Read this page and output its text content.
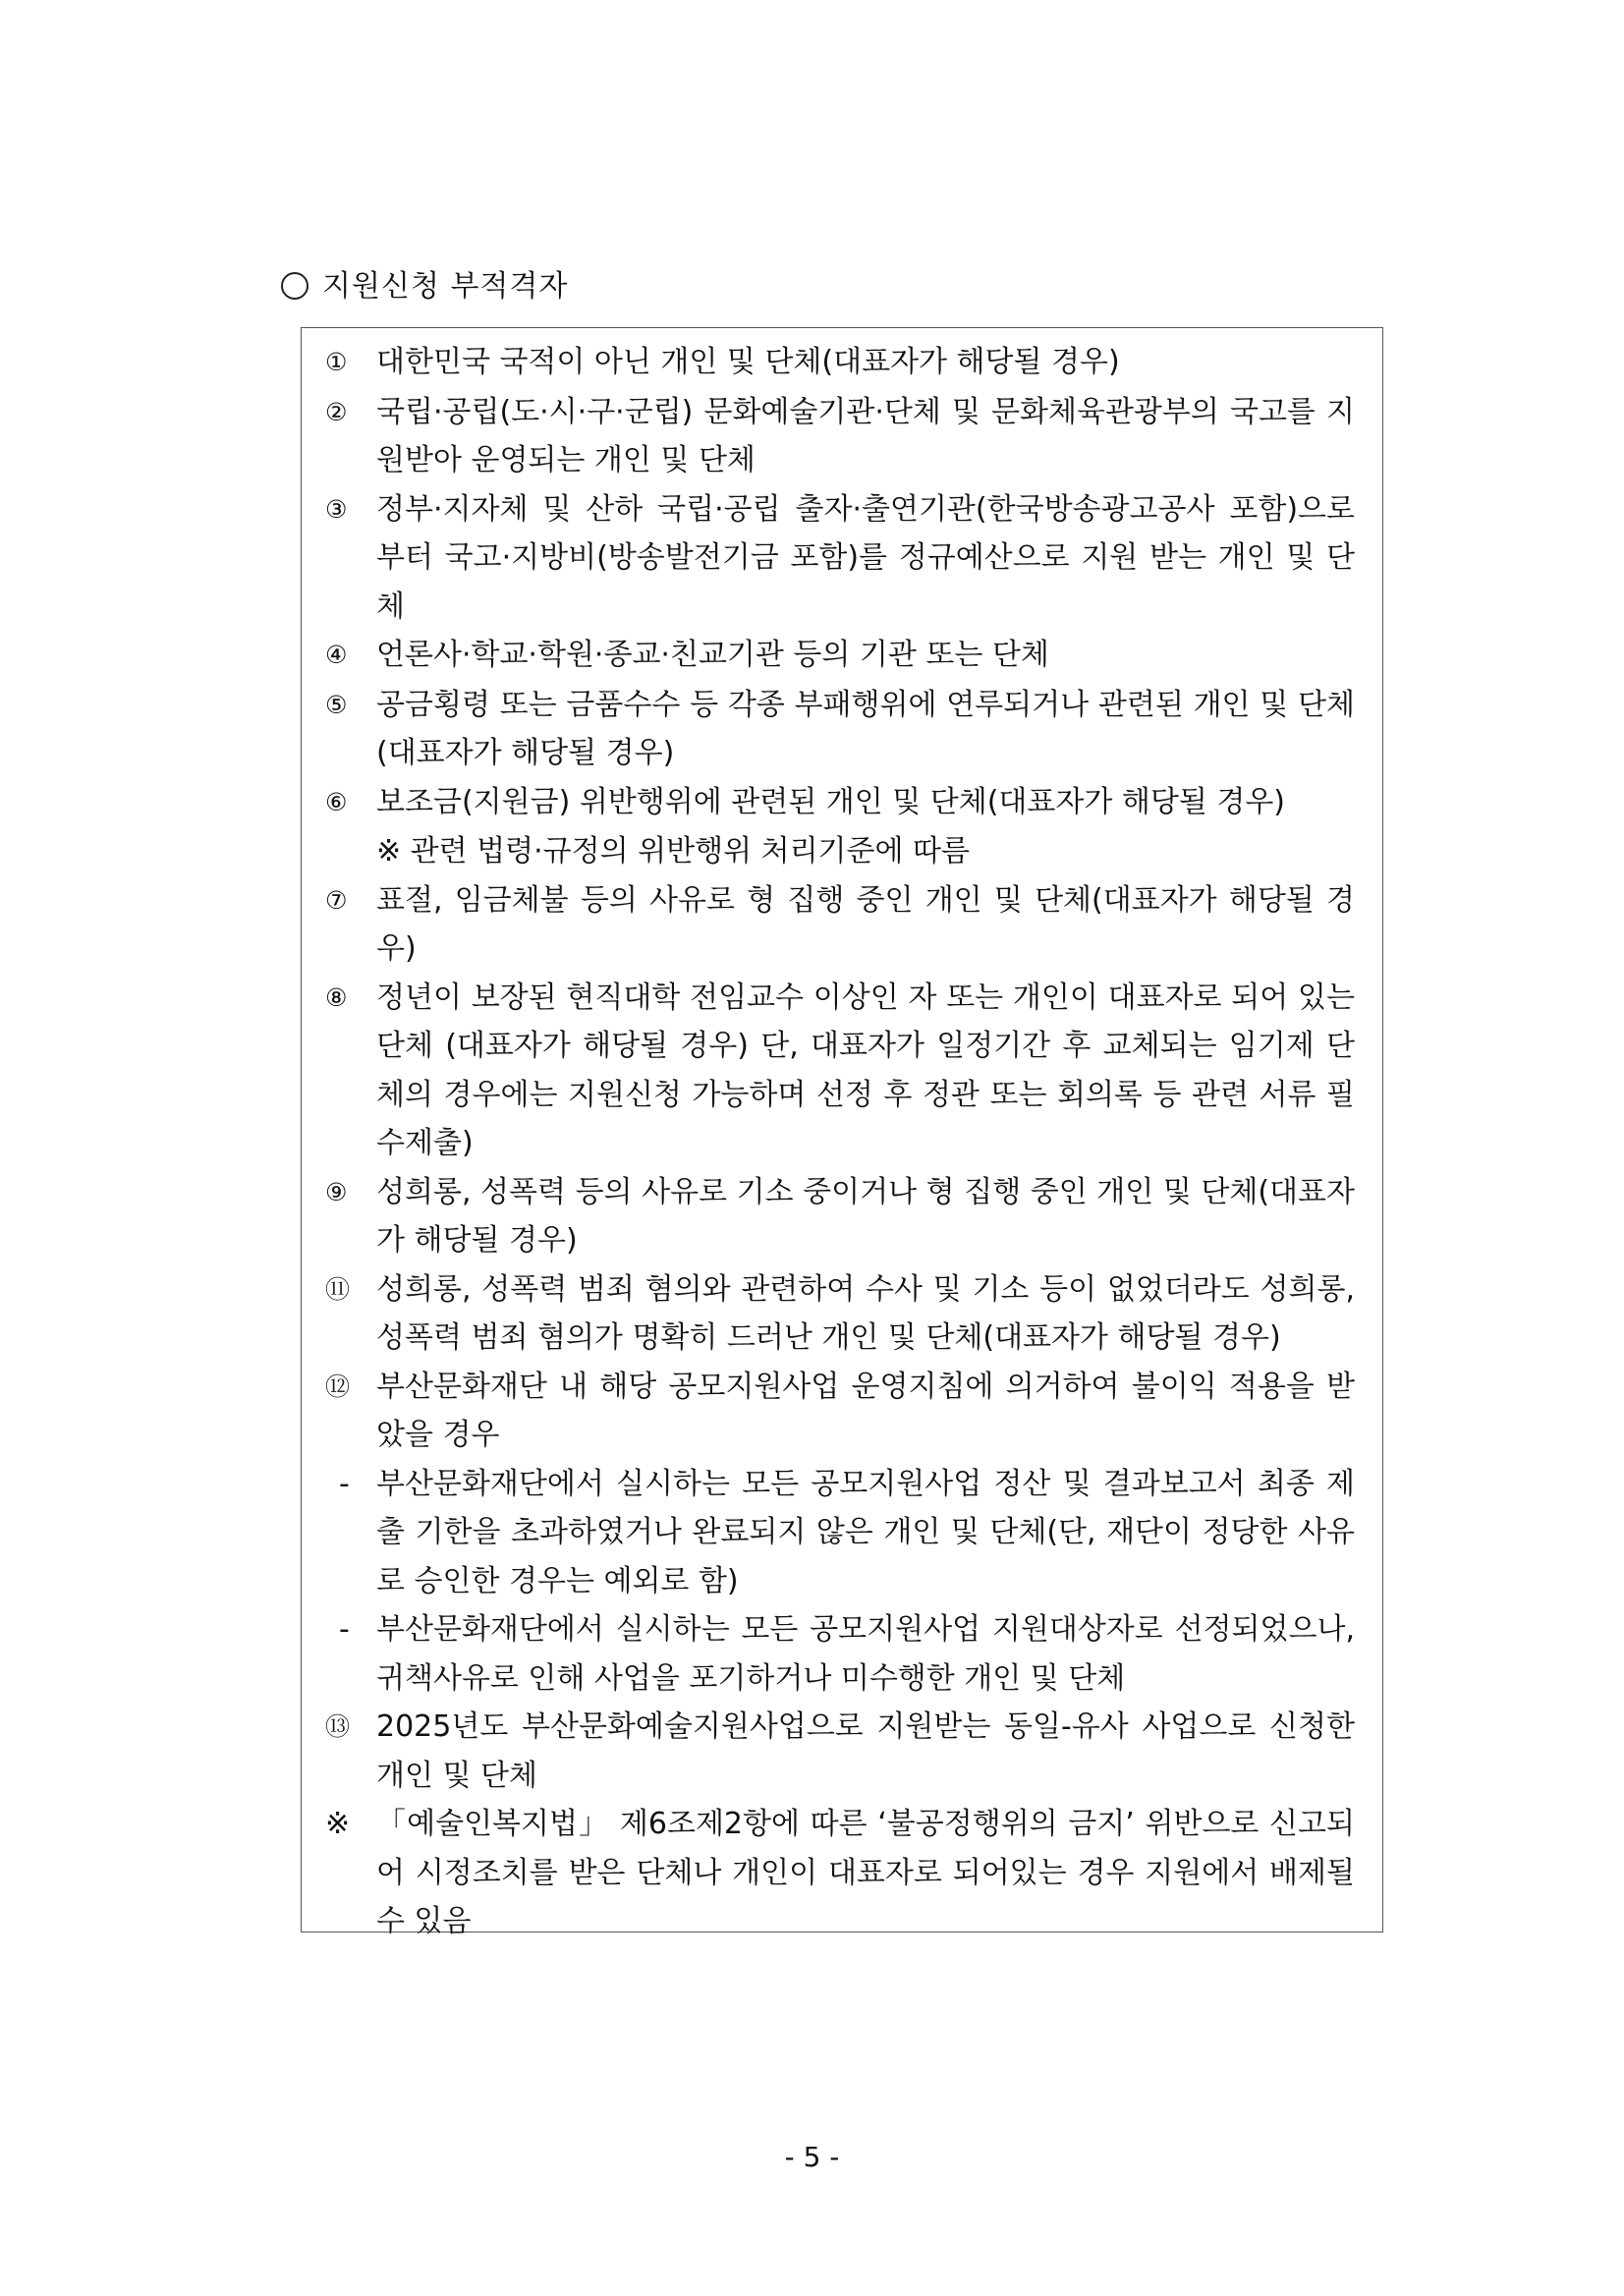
지원신청 부적격자
① 대한민국 국적이 아닌 개인 및 단체(대표자가 해당될 경우)
② 국립·공립(도·시·구·군립) 문화예술기관·단체 및 문화체육관광부의 국고를 지원받아 운영되는 개인 및 단체
③ 정부·지자체 및 산하 국립·공립 출자·출연기관(한국방송광고공사 포함)으로부터 국고·지방비(방송발전기금 포함)를 정규예산으로 지원 받는 개인 및 단체
④ 언론사·학교·학원·종교·친교기관 등의 기관 또는 단체
⑤ 공금횡령 또는 금품수수 등 각종 부패행위에 연루되거나 관련된 개인 및 단체(대표자가 해당될 경우)
⑥ 보조금(지원금) 위반행위에 관련된 개인 및 단체(대표자가 해당될 경우)
※ 관련 법령·규정의 위반행위 처리기준에 따름
⑦ 표절, 임금체불 등의 사유로 형 집행 중인 개인 및 단체(대표자가 해당될 경우)
⑧ 정년이 보장된 현직대학 전임교수 이상인 자 또는 개인이 대표자로 되어 있는 단체 (대표자가 해당될 경우) 단, 대표자가 일정기간 후 교체되는 임기제 단체의 경우에는 지원신청 가능하며 선정 후 정관 또는 회의록 등 관련 서류 필수제출)
⑨ 성희롱, 성폭력 등의 사유로 기소 중이거나 형 집행 중인 개인 및 단체(대표자가 해당될 경우)
⑪ 성희롱, 성폭력 범죄 혐의와 관련하여 수사 및 기소 등이 없었더라도 성희롱, 성폭력 범죄 혐의가 명확히 드러난 개인 및 단체(대표자가 해당될 경우)
⑫ 부산문화재단 내 해당 공모지원사업 운영지침에 의거하여 불이익 적용을 받았을 경우
- 부산문화재단에서 실시하는 모든 공모지원사업 정산 및 결과보고서 최종 제출 기한을 초과하였거나 완료되지 않은 개인 및 단체(단, 재단이 정당한 사유로 승인한 경우는 예외로 함)
- 부산문화재단에서 실시하는 모든 공모지원사업 지원대상자로 선정되었으나, 귀책사유로 인해 사업을 포기하거나 미수행한 개인 및 단체
⑬ 2025년도 부산문화예술지원사업으로 지원받는 동일-유사 사업으로 신청한 개인 및 단체
※ 「예술인복지법」 제6조제2항에 따른 ‘불공정행위의 금지’ 위반으로 신고되어 시정조치를 받은 단체나 개인이 대표자로 되어있는 경우 지원에서 배제될 수 있음
- 5 -
